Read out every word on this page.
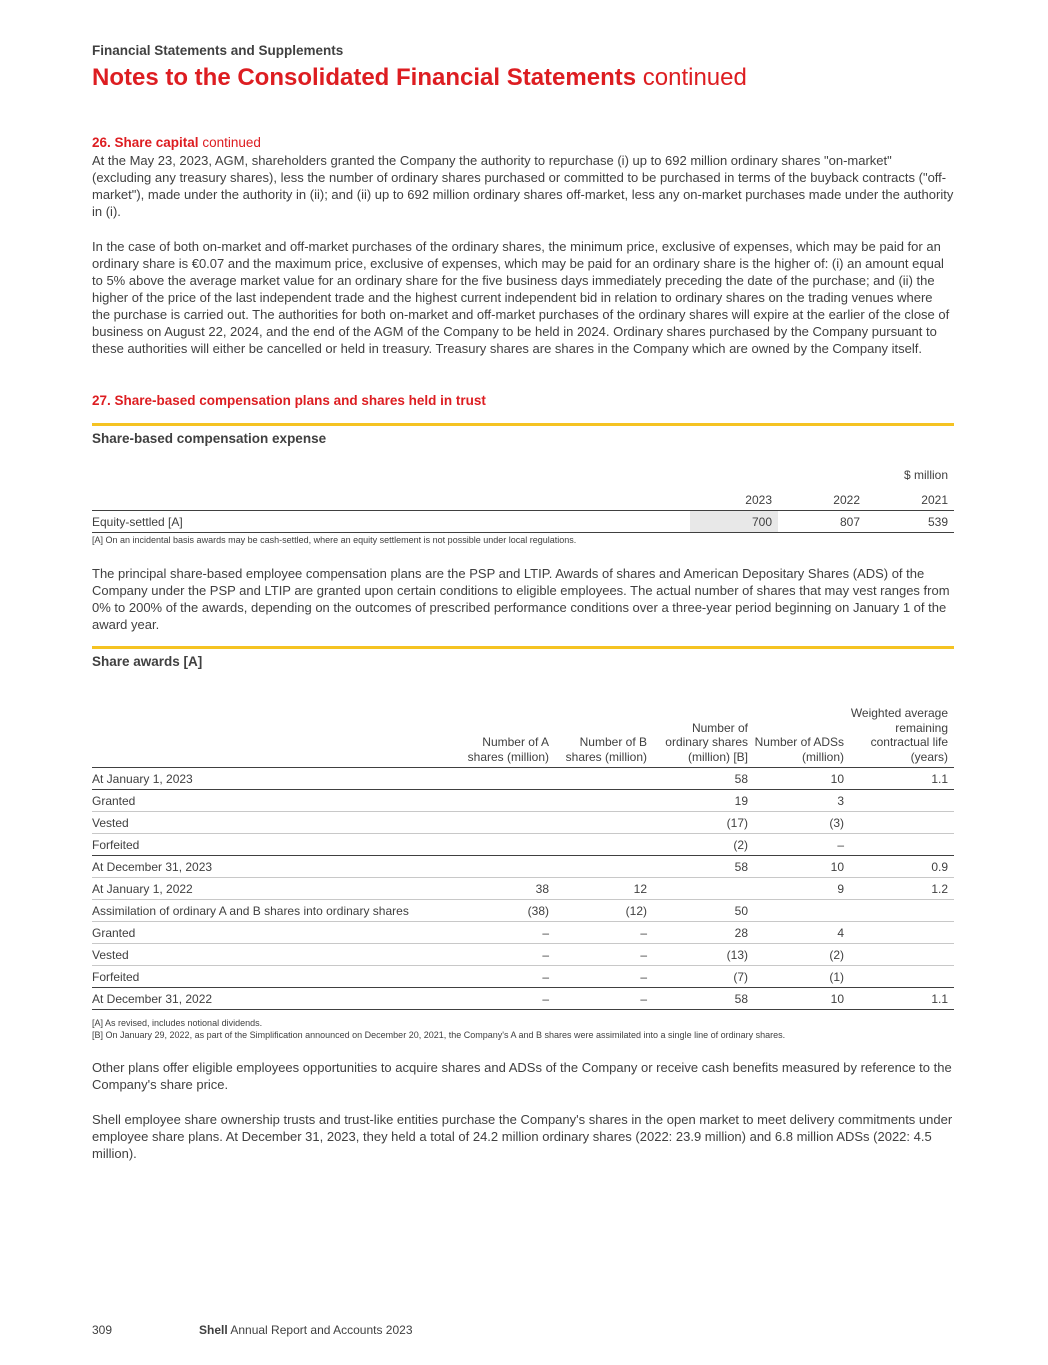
Financial Statements and Supplements
Notes to the Consolidated Financial Statements continued
26. Share capital continued

At the May 23, 2023, AGM, shareholders granted the Company the authority to repurchase (i) up to 692 million ordinary shares "on-market" (excluding any treasury shares), less the number of ordinary shares purchased or committed to be purchased in terms of the buyback contracts ("off-market"), made under the authority in (ii); and (ii) up to 692 million ordinary shares off-market, less any on-market purchases made under the authority in (i).

In the case of both on-market and off-market purchases of the ordinary shares, the minimum price, exclusive of expenses, which may be paid for an ordinary share is €0.07 and the maximum price, exclusive of expenses, which may be paid for an ordinary share is the higher of: (i) an amount equal to 5% above the average market value for an ordinary share for the five business days immediately preceding the date of the purchase; and (ii) the higher of the price of the last independent trade and the highest current independent bid in relation to ordinary shares on the trading venues where the purchase is carried out. The authorities for both on-market and off-market purchases of the ordinary shares will expire at the earlier of the close of business on August 22, 2024, and the end of the AGM of the Company to be held in 2024. Ordinary shares purchased by the Company pursuant to these authorities will either be cancelled or held in treasury. Treasury shares are shares in the Company which are owned by the Company itself.

27. Share-based compensation plans and shares held in trust
Share-based compensation expense
			$ million
	2023	2022	2021
Equity-settled [A]	700	807	539
[A] On an incidental basis awards may be cash-settled, where an equity settlement is not possible under local regulations.

The principal share-based employee compensation plans are the PSP and LTIP. Awards of shares and American Depositary Shares (ADS) of the Company under the PSP and LTIP are granted upon certain conditions to eligible employees. The actual number of shares that may vest ranges from 0% to 200% of the awards, depending on the outcomes of prescribed performance conditions over a three-year period beginning on January 1 of the award year.

Share awards [A]
	Number of A shares (million)	Number of B shares (million)	Number of ordinary shares (million) [B]	Number of ADSs (million)	Weighted average remaining contractual life (years)
At January 1, 2023			58	10	1.1
Granted			19	3	
Vested			(17)	(3)	
Forfeited			(2)	–	
At December 31, 2023			58	10	0.9
At January 1, 2022	38	12		9	1.2
Assimilation of ordinary A and B shares into ordinary shares	(38)	(12)	50		
Granted	–	–	28	4	
Vested	–	–	(13)	(2)	
Forfeited	–	–	(7)	(1)	
At December 31, 2022	–	–	58	10	1.1
[A] As revised, includes notional dividends.
[B] On January 29, 2022, as part of the Simplification announced on December 20, 2021, the Company's A and B shares were assimilated into a single line of ordinary shares.

Other plans offer eligible employees opportunities to acquire shares and ADSs of the Company or receive cash benefits measured by reference to the Company's share price.

Shell employee share ownership trusts and trust-like entities purchase the Company's shares in the open market to meet delivery commitments under employee share plans. At December 31, 2023, they held a total of 24.2 million ordinary shares (2022: 23.9 million) and 6.8 million ADSs (2022: 4.5 million).

309	Shell Annual Report and Accounts 2023
